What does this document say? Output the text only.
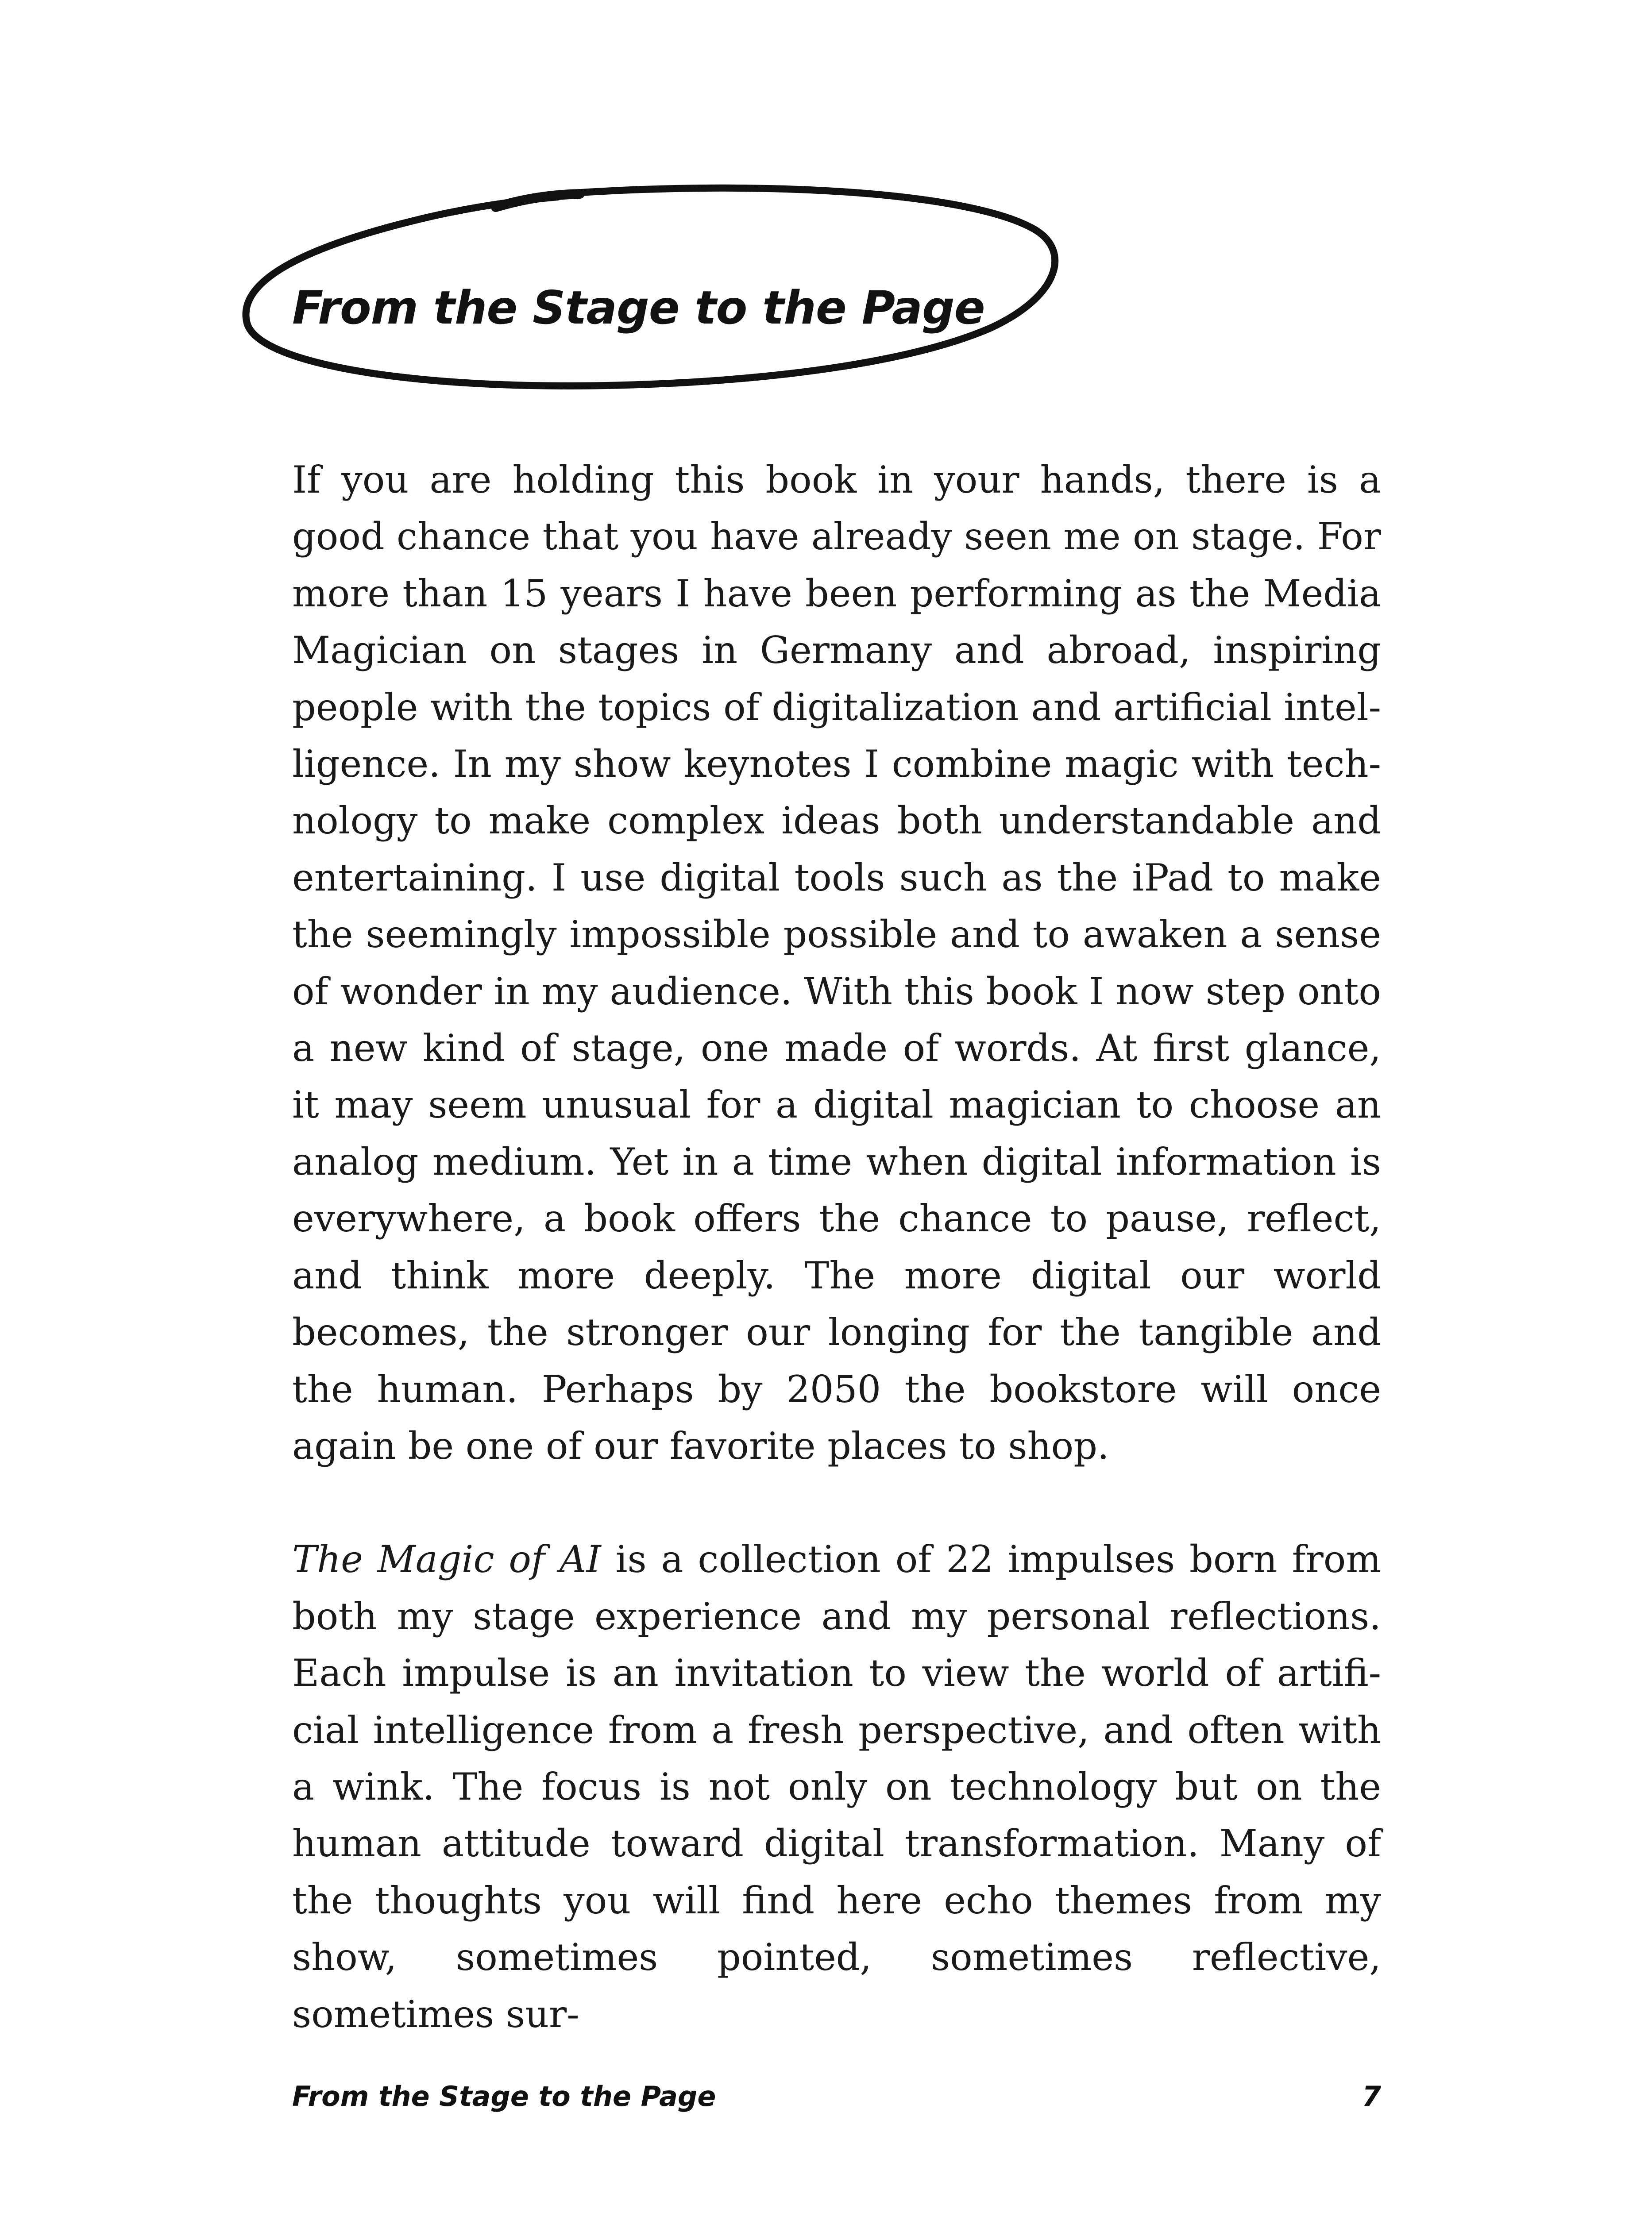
From the Stage to the Page

If you are holding this book in your hands, there is a good chance that you have already seen me on stage. For more than 15 years I have been performing as the Media Magician on stages in Germany and abroad, inspiring people with the topics of digitalization and artificial intelligence. In my show keynotes I combine magic with technology to make complex ideas both understandable and entertaining. I use digital tools such as the iPad to make the seemingly impossible possible and to awaken a sense of wonder in my audience. With this book I now step onto a new kind of stage, one made of words. At first glance, it may seem unusual for a digital magician to choose an analog medium. Yet in a time when digital information is everywhere, a book offers the chance to pause, reflect, and think more deeply. The more digital our world becomes, the stronger our longing for the tangible and the human. Perhaps by 2050 the bookstore will once again be one of our favorite places to shop.

The Magic of AI is a collection of 22 impulses born from both my stage experience and my personal reflections. Each impulse is an invitation to view the world of artificial intelligence from a fresh perspective, and often with a wink. The focus is not only on technology but on the human attitude toward digital transformation. Many of the thoughts you will find here echo themes from my show, sometimes pointed, sometimes reflective, sometimes sur-

From the Stage to the Page	7
